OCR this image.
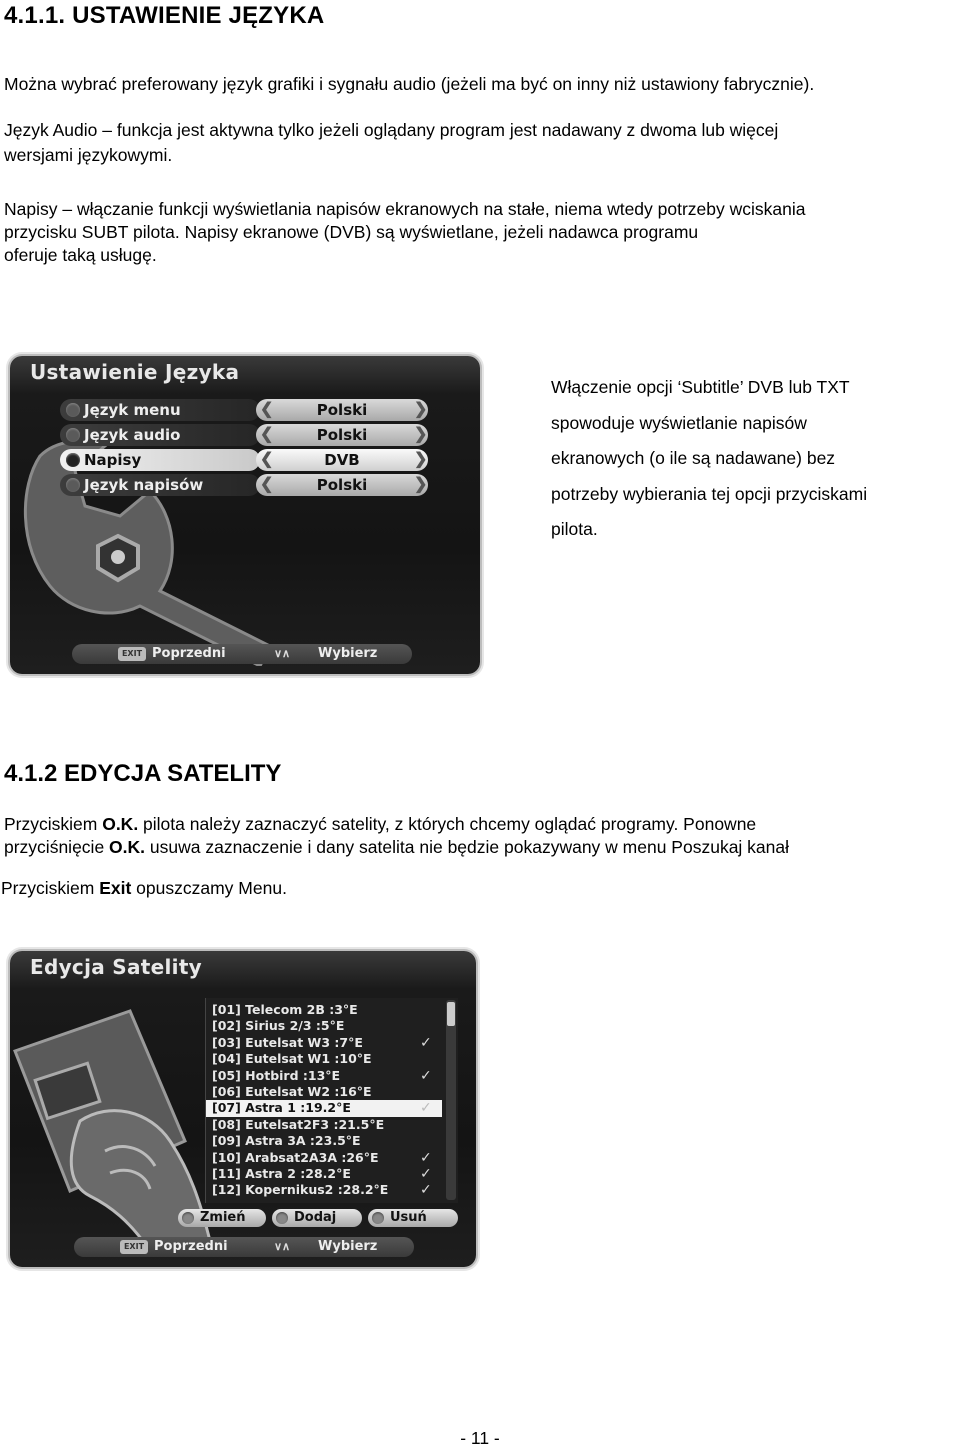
4.1.1. USTAWIENIE JĘZYKA
Można wybrać preferowany język grafiki i sygnału audio (jeżeli ma być on inny niż ustawiony fabrycznie).
Język Audio – funkcja jest aktywna tylko jeżeli oglądany program jest nadawany z dwoma lub więcej
wersjami językowymi.
Napisy – włączanie funkcji wyświetlania napisów ekranowych na stałe, niema wtedy potrzeby wciskania
przycisku SUBT pilota. Napisy ekranowe (DVB) są wyświetlane, jeżeli nadawca programu
oferuje taką usługę.
Ustawienie Języka
Język menu	Polski
❮	❯
Język audio	Polski
❮	❯
Napisy	DVB
❮	❯
Język napisów	Polski
❮	❯
EXIT Poprzedni	∨∧ Wybierz
Włączenie opcji ‘Subtitle’ DVB lub TXT
spowoduje wyświetlanie napisów
ekranowych (o ile są nadawane) bez
potrzeby wybierania tej opcji przyciskami
pilota.
4.1.2 EDYCJA SATELITY
Przyciskiem O.K. pilota należy zaznaczyć satelity, z których chcemy oglądać programy. Ponowne
przyciśnięcie O.K. usuwa zaznaczenie i dany satelita nie będzie pokazywany w menu Poszukaj kanał
Przyciskiem Exit opuszczamy Menu.
Edycja Satelity
[01] Telecom 2B :3°E
[02] Sirius 2/3 :5°E
[03] Eutelsat W3 :7°E	✓
[04] Eutelsat W1 :10°E
[05] Hotbird :13°E	✓
[06] Eutelsat W2 :16°E
[07] Astra 1 :19.2°E	✓
[08] Eutelsat2F3 :21.5°E
[09] Astra 3A :23.5°E
[10] Arabsat2A3A :26°E	✓
[11] Astra 2 :28.2°E	✓
[12] Kopernikus2 :28.2°E ✓
Zmień	Dodaj	Usuń
EXIT Poprzedni	∨∧ Wybierz
- 11 -
